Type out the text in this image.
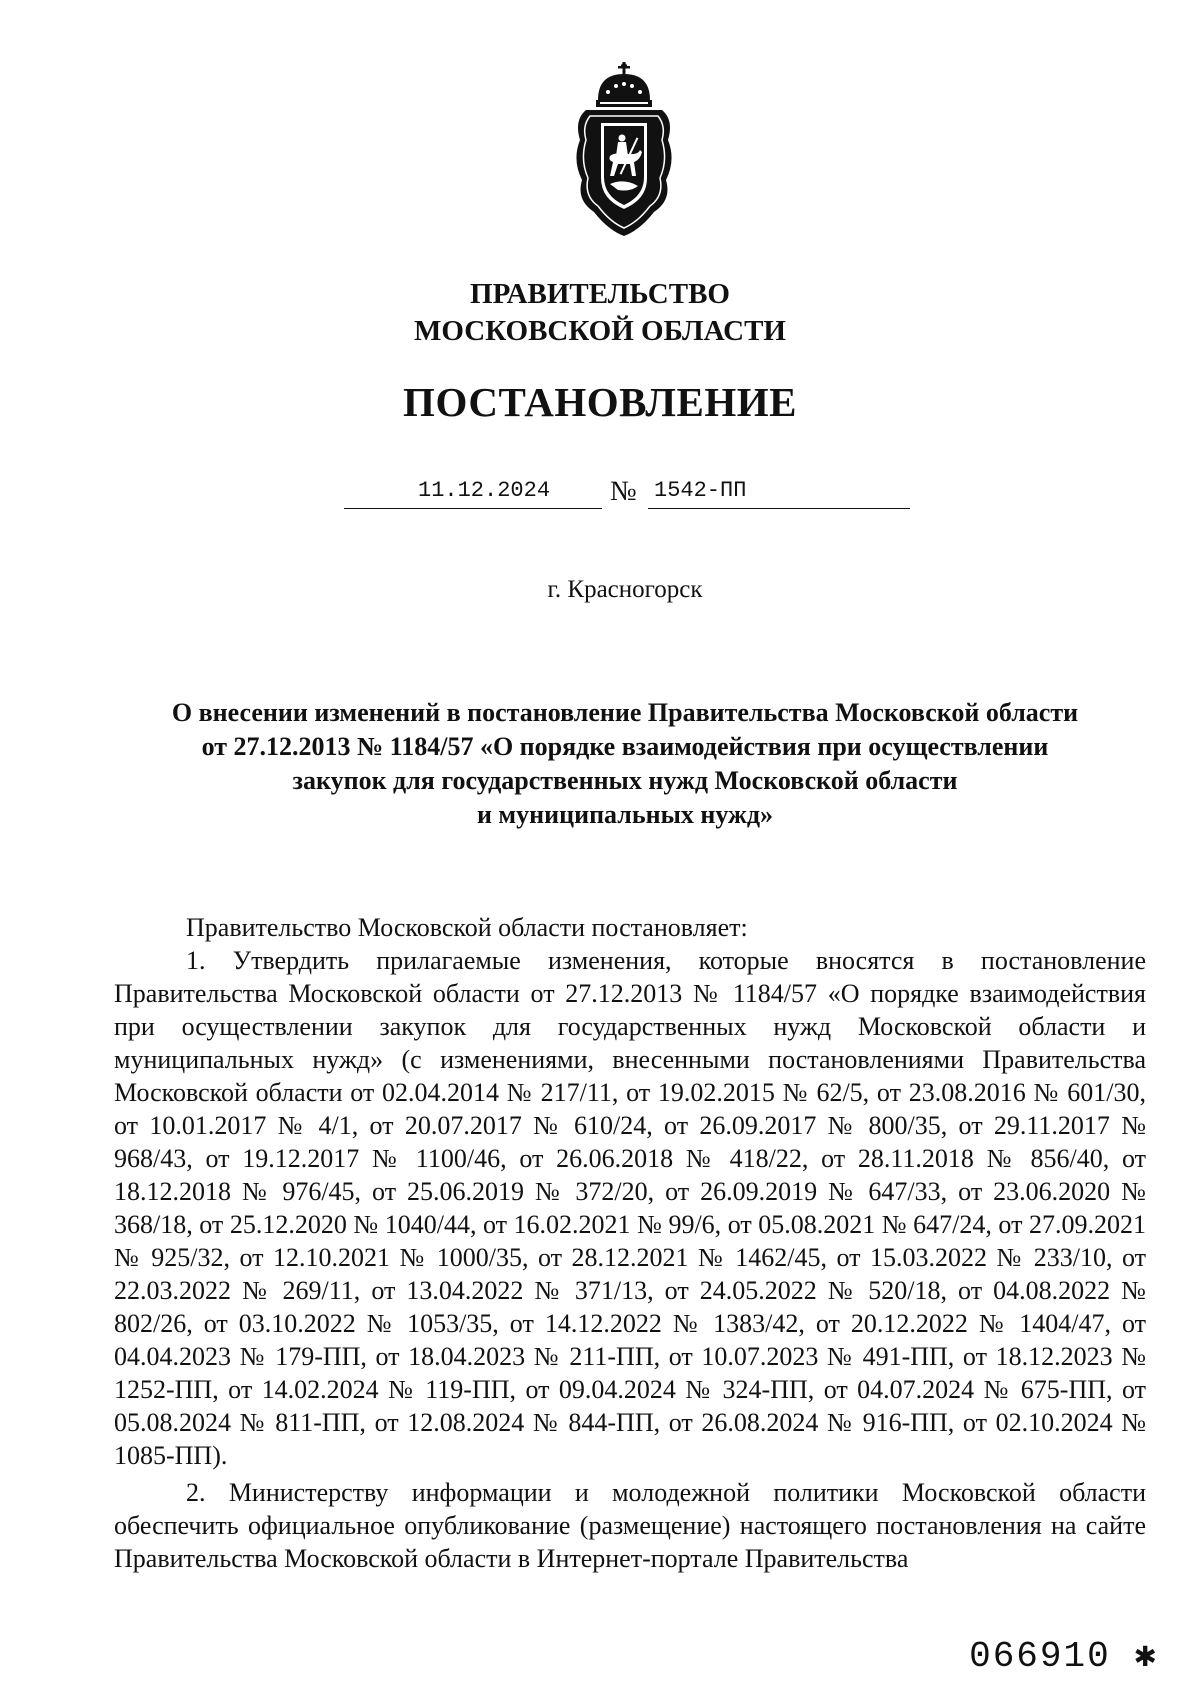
ПРАВИТЕЛЬСТВО
МОСКОВСКОЙ ОБЛАСТИ
ПОСТАНОВЛЕНИЕ
11.12.2024 № 1542-ПП
г. Красногорск
О внесении изменений в постановление Правительства Московской области
от 27.12.2013 № 1184/57 «О порядке взаимодействия при осуществлении
закупок для государственных нужд Московской области
и муниципальных нужд»

Правительство Московской области постановляет:

1. Утвердить прилагаемые изменения, которые вносятся в постановление Правительства Московской области от 27.12.2013 № 1184/57 «О порядке взаимодействия при осуществлении закупок для государственных нужд Московской области и муниципальных нужд» (с изменениями, внесенными постановлениями Правительства Московской области от 02.04.2014 № 217/11, от 19.02.2015 № 62/5, от 23.08.2016 № 601/30, от 10.01.2017 № 4/1, от 20.07.2017 № 610/24, от 26.09.2017 № 800/35, от 29.11.2017 № 968/43, от 19.12.2017 № 1100/46, от 26.06.2018 № 418/22, от 28.11.2018 № 856/40, от 18.12.2018 № 976/45, от 25.06.2019 № 372/20, от 26.09.2019 № 647/33, от 23.06.2020 № 368/18, от 25.12.2020 № 1040/44, от 16.02.2021 № 99/6, от 05.08.2021 № 647/24, от 27.09.2021 № 925/32, от 12.10.2021 № 1000/35, от 28.12.2021 № 1462/45, от 15.03.2022 № 233/10, от 22.03.2022 № 269/11, от 13.04.2022 № 371/13, от 24.05.2022 № 520/18, от 04.08.2022 № 802/26, от 03.10.2022 № 1053/35, от 14.12.2022 № 1383/42, от 20.12.2022 № 1404/47, от 04.04.2023 № 179-ПП, от 18.04.2023 № 211-ПП, от 10.07.2023 № 491-ПП, от 18.12.2023 № 1252-ПП, от 14.02.2024 № 119-ПП, от 09.04.2024 № 324-ПП, от 04.07.2024 № 675-ПП, от 05.08.2024 № 811-ПП, от 12.08.2024 № 844-ПП, от 26.08.2024 № 916-ПП, от 02.10.2024 № 1085-ПП).

2. Министерству информации и молодежной политики Московской области обеспечить официальное опубликование (размещение) настоящего постановления на сайте Правительства Московской области в Интернет-портале Правительства

066910 ✱
